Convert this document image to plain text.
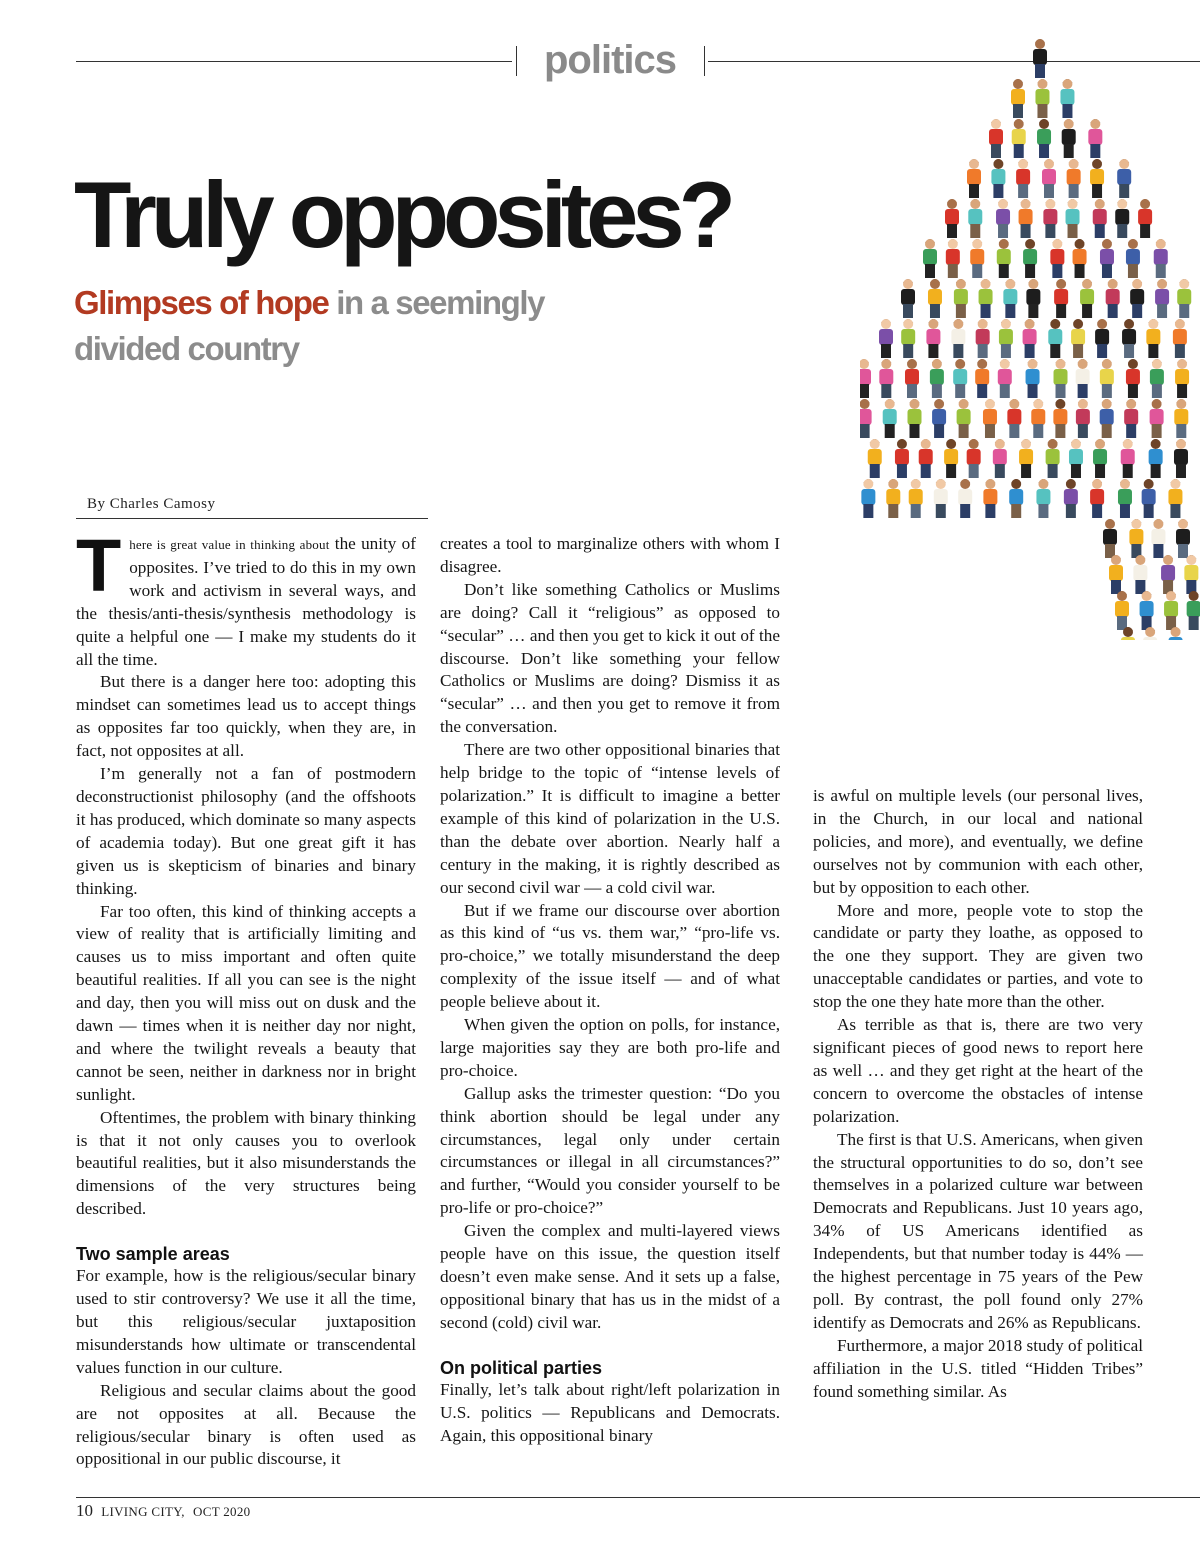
politics
Truly opposites?
Glimpses of hope in a seemingly divided country
By Charles Camosy

There is great value in thinking about the unity of opposites. I’ve tried to do this in my own work and activism in several ways, and the thesis/anti-thesis/synthesis methodology is quite a helpful one — I make my students do it all the time.

But there is a danger here too: adopting this mindset can sometimes lead us to accept things as opposites far too quickly, when they are, in fact, not opposites at all.

I’m generally not a fan of postmodern deconstructionist philosophy (and the offshoots it has produced, which dominate so many aspects of academia today). But one great gift it has given us is skepticism of binaries and binary thinking.

Far too often, this kind of thinking accepts a view of reality that is artificially limiting and causes us to miss important and often quite beautiful realities. If all you can see is the night and day, then you will miss out on dusk and the dawn — times when it is neither day nor night, and where the twilight reveals a beauty that cannot be seen, neither in darkness nor in bright sunlight.

Oftentimes, the problem with binary thinking is that it not only causes you to overlook beautiful realities, but it also misunderstands the dimensions of the very structures being described.

Two sample areas

For example, how is the religious/secular binary used to stir controversy? We use it all the time, but this religious/secular juxtaposition misunderstands how ultimate or transcendental values function in our culture.

Religious and secular claims about the good are not opposites at all. Because the religious/secular binary is often used as oppositional in our public discourse, it

creates a tool to marginalize others with whom I disagree.

Don’t like something Catholics or Muslims are doing? Call it “religious” as opposed to “secular” … and then you get to kick it out of the discourse. Don’t like something your fellow Catholics or Muslims are doing? Dismiss it as “secular” … and then you get to remove it from the conversation.

There are two other oppositional binaries that help bridge to the topic of “intense levels of polarization.” It is difficult to imagine a better example of this kind of polarization in the U.S. than the debate over abortion. Nearly half a century in the making, it is rightly described as our second civil war — a cold civil war.

But if we frame our discourse over abortion as this kind of “us vs. them war,” “pro-life vs. pro-choice,” we totally misunderstand the deep complexity of the issue itself — and of what people believe about it.

When given the option on polls, for instance, large majorities say they are both pro-life and pro-choice.

Gallup asks the trimester question: “Do you think abortion should be legal under any circumstances, legal only under certain circumstances or illegal in all circumstances?” and further, “Would you consider yourself to be pro-life or pro-choice?”

Given the complex and multi-layered views people have on this issue, the question itself doesn’t even make sense. And it sets up a false, oppositional binary that has us in the midst of a second (cold) civil war.

On political parties

Finally, let’s talk about right/left polarization in U.S. politics — Republicans and Democrats. Again, this oppositional binary

is awful on multiple levels (our personal lives, in the Church, in our local and national policies, and more), and eventually, we define ourselves not by communion with each other, but by opposition to each other.

More and more, people vote to stop the candidate or party they loathe, as opposed to the one they support. They are given two unacceptable candidates or parties, and vote to stop the one they hate more than the other.

As terrible as that is, there are two very significant pieces of good news to report here as well … and they get right at the heart of the concern to overcome the obstacles of intense polarization.

The first is that U.S. Americans, when given the structural opportunities to do so, don’t see themselves in a polarized culture war between Democrats and Republicans. Just 10 years ago, 34% of US Americans identified as Independents, but that number today is 44% — the highest percentage in 75 years of the Pew poll. By contrast, the poll found only 27% identify as Democrats and 26% as Republicans.

Furthermore, a major 2018 study of political affiliation in the U.S. titled “Hidden Tribes” found something similar. As

10 LIVING CITY, OCT 2020
